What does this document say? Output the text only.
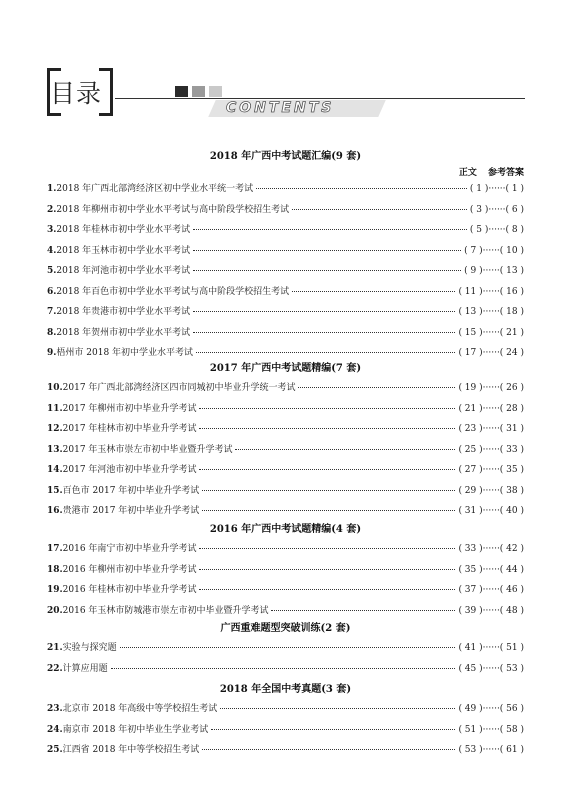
目录	CONTENTS
正文 参考答案
2018 年广西中考试题汇编(9 套)
1. 2018 年广西北部湾经济区初中学业水平统一考试	( 1 )······( 1 )
2. 2018 年柳州市初中学业水平考试与高中阶段学校招生考试	( 3 )······( 6 )
3. 2018 年桂林市初中学业水平考试	( 5 )······( 8 )
4. 2018 年玉林市初中学业水平考试	( 7 )······( 10 )
5. 2018 年河池市初中学业水平考试	( 9 )······( 13 )
6. 2018 年百色市初中学业水平考试与高中阶段学校招生考试	( 11 )······( 16 )
7. 2018 年贵港市初中学业水平考试	( 13 )······( 18 )
8. 2018 年贺州市初中学业水平考试	( 15 )······( 21 )
9. 梧州市 2018 年初中学业水平考试	( 17 )······( 24 )
2017 年广西中考试题精编(7 套)
10. 2017 年广西北部湾经济区四市同城初中毕业升学统一考试	( 19 )······( 26 )
11. 2017 年柳州市初中毕业升学考试	( 21 )······( 28 )
12. 2017 年桂林市初中毕业升学考试	( 23 )······( 31 )
13. 2017 年玉林市崇左市初中毕业暨升学考试	( 25 )······( 33 )
14. 2017 年河池市初中毕业升学考试	( 27 )······( 35 )
15. 百色市 2017 年初中毕业升学考试	( 29 )······( 38 )
16. 贵港市 2017 年初中毕业升学考试	( 31 )······( 40 )
2016 年广西中考试题精编(4 套)
17. 2016 年南宁市初中毕业升学考试	( 33 )······( 42 )
18. 2016 年柳州市初中毕业升学考试	( 35 )······( 44 )
19. 2016 年桂林市初中毕业升学考试	( 37 )······( 46 )
20. 2016 年玉林市防城港市崇左市初中毕业暨升学考试	( 39 )······( 48 )
广西重难题型突破训练(2 套)
21. 实验与探究题	( 41 )······( 51 )
22. 计算应用题	( 45 )······( 53 )
2018 年全国中考真题(3 套)
23. 北京市 2018 年高级中等学校招生考试	( 49 )······( 56 )
24. 南京市 2018 年初中毕业生学业考试	( 51 )······( 58 )
25. 江西省 2018 年中等学校招生考试	( 53 )······( 61 )
